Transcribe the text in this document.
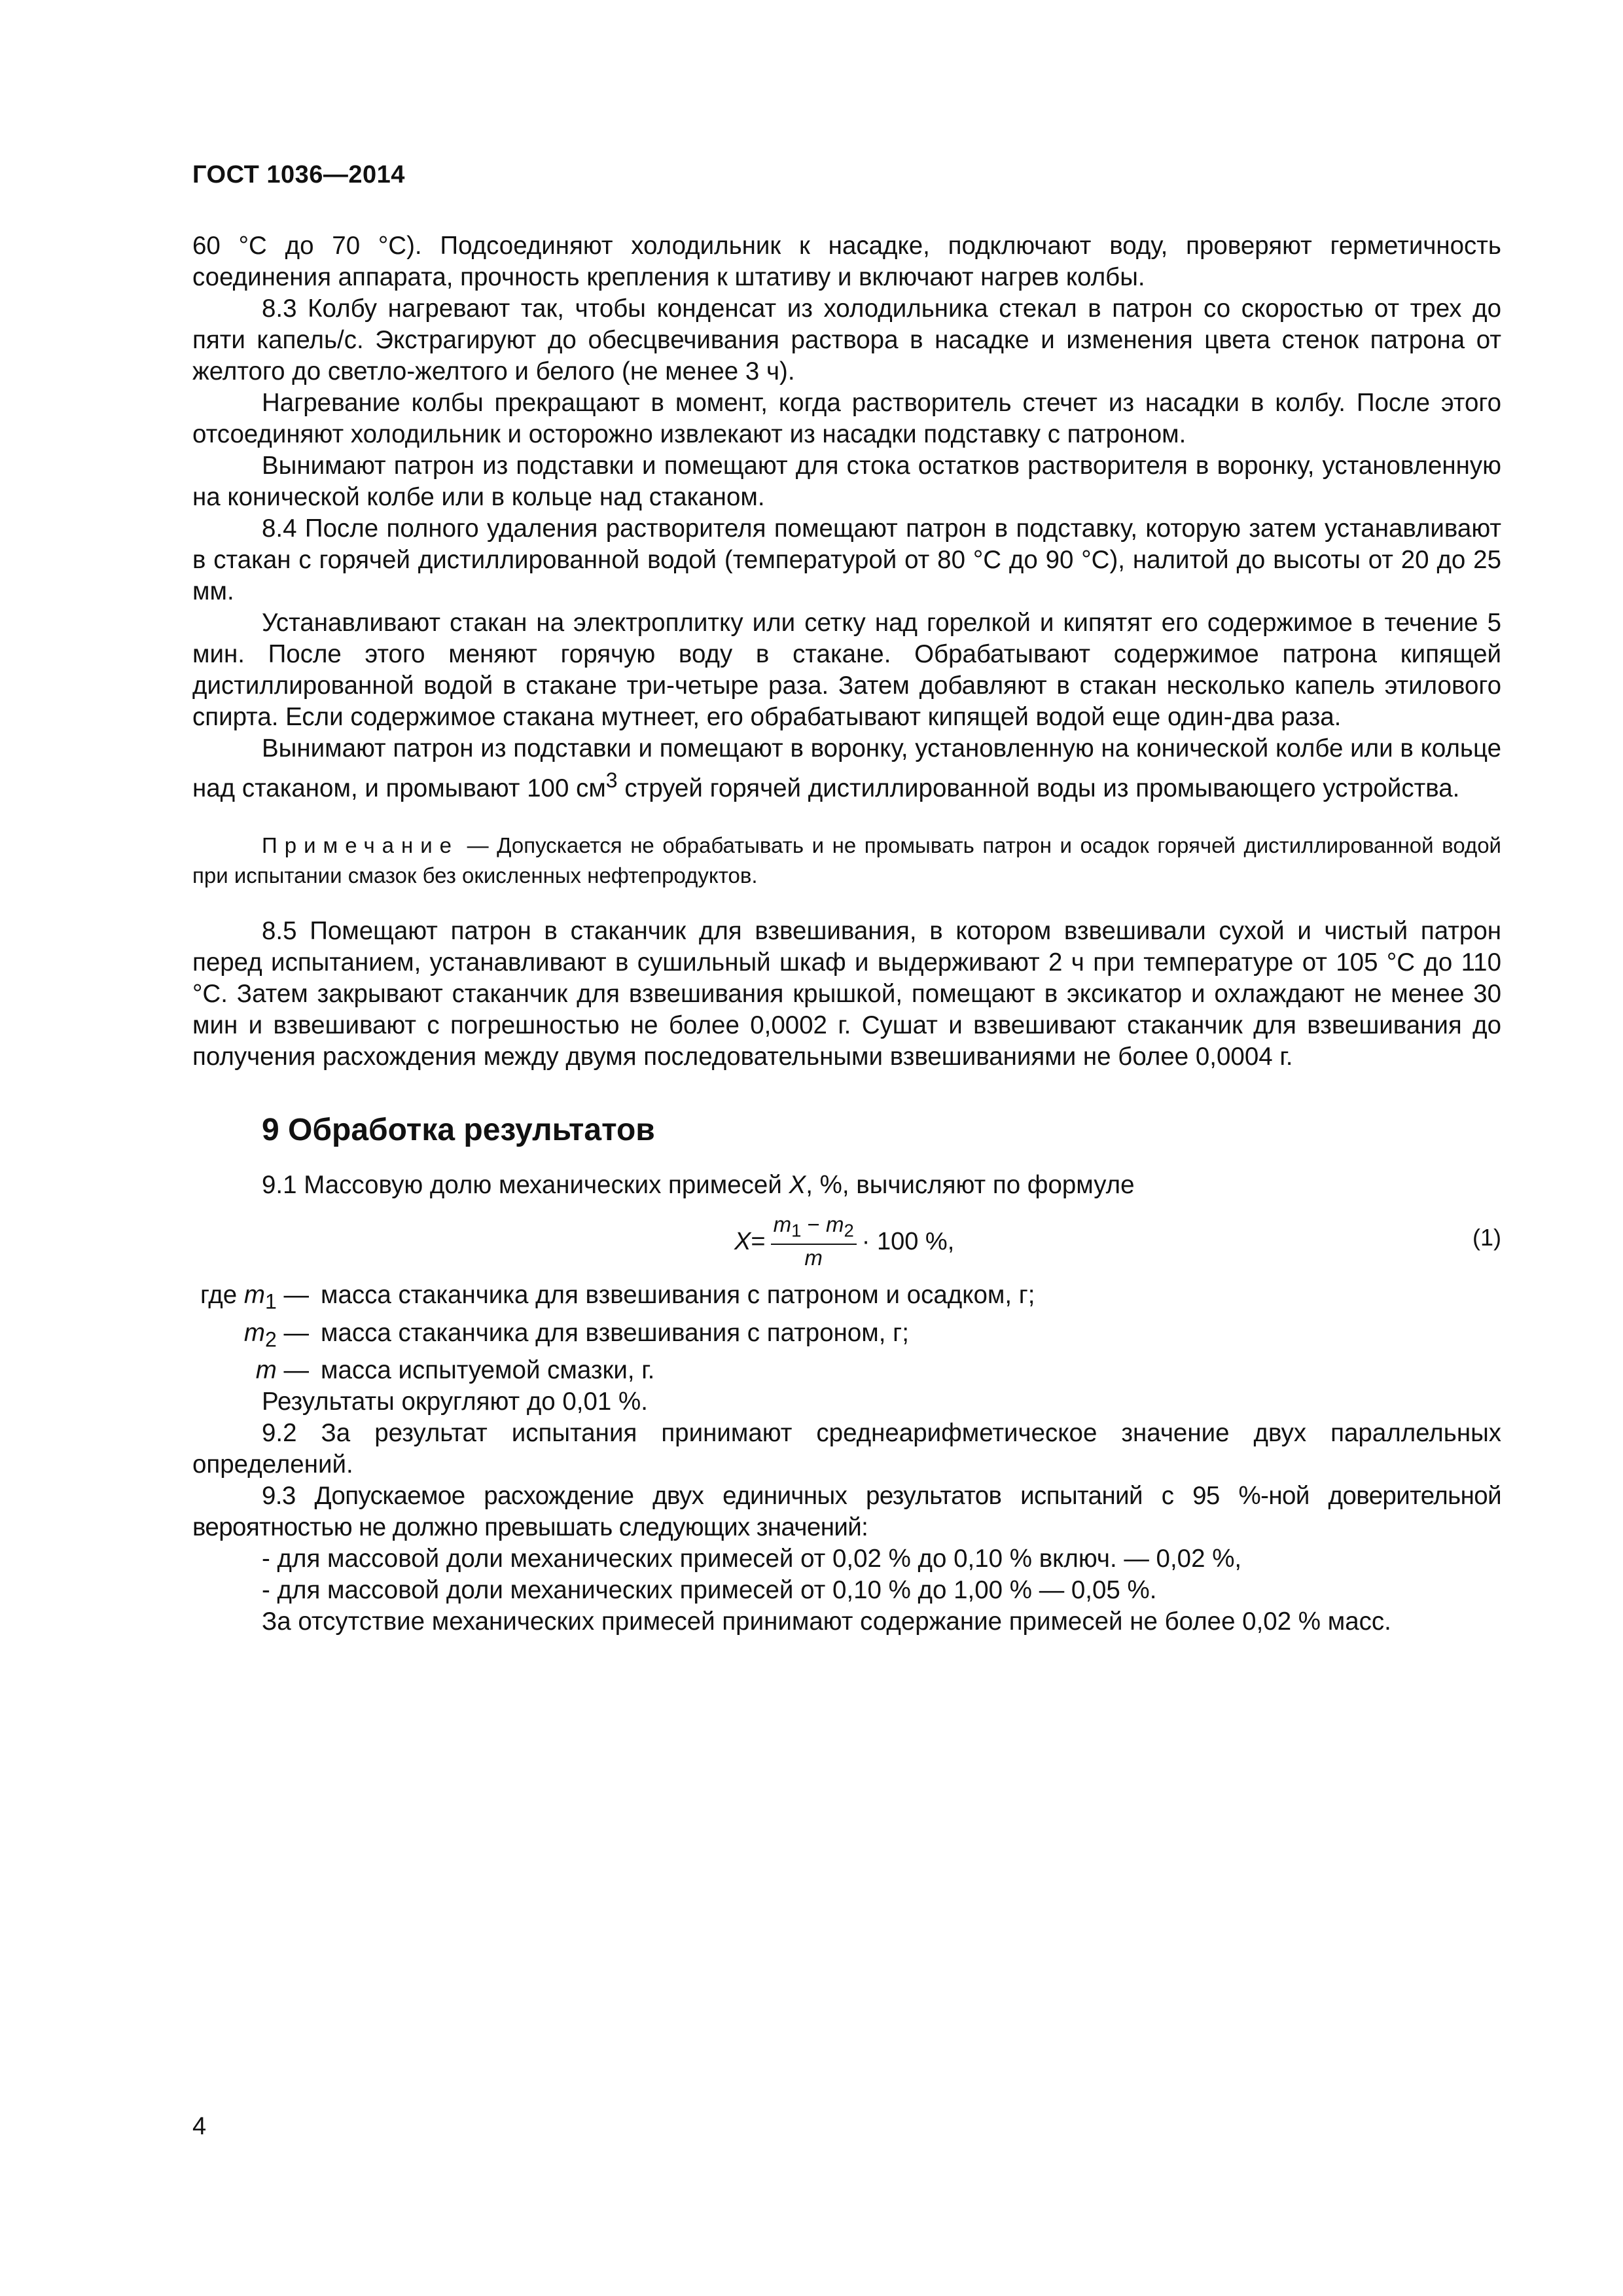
ГОСТ 1036—2014

60 °С до 70 °С). Подсоединяют холодильник к насадке, подключают воду, проверяют герметичность соединения аппарата, прочность крепления к штативу и включают нагрев колбы.

8.3 Колбу нагревают так, чтобы конденсат из холодильника стекал в патрон со скоростью от трех до пяти капель/с. Экстрагируют до обесцвечивания раствора в насадке и изменения цвета стенок патрона от желтого до светло-желтого и белого (не менее 3 ч).

Нагревание колбы прекращают в момент, когда растворитель стечет из насадки в колбу. После этого отсоединяют холодильник и осторожно извлекают из насадки подставку с патроном.

Вынимают патрон из подставки и помещают для стока остатков растворителя в воронку, установленную на конической колбе или в кольце над стаканом.

8.4 После полного удаления растворителя помещают патрон в подставку, которую затем устанавливают в стакан с горячей дистиллированной водой (температурой от 80 °С до 90 °С), налитой до высоты от 20 до 25 мм.

Устанавливают стакан на электроплитку или сетку над горелкой и кипятят его содержимое в течение 5 мин. После этого меняют горячую воду в стакане. Обрабатывают содержимое патрона кипящей дистиллированной водой в стакане три-четыре раза. Затем добавляют в стакан несколько капель этилового спирта. Если содержимое стакана мутнеет, его обрабатывают кипящей водой еще один-два раза.

Вынимают патрон из подставки и помещают в воронку, установленную на конической колбе или в кольце над стаканом, и промывают 100 $см^3$ струей горячей дистиллированной воды из промывающего устройства.

Примечание — Допускается не обрабатывать и не промывать патрон и осадок горячей дистиллированной водой при испытании смазок без окисленных нефтепродуктов.

8.5 Помещают патрон в стаканчик для взвешивания, в котором взвешивали сухой и чистый патрон перед испытанием, устанавливают в сушильный шкаф и выдерживают 2 ч при температуре от 105 °С до 110 °С. Затем закрывают стаканчик для взвешивания крышкой, помещают в эксикатор и охлаждают не менее 30 мин и взвешивают с погрешностью не более 0,0002 г. Сушат и взвешивают стаканчик для взвешивания до получения расхождения между двумя последовательными взвешиваниями не более 0,0004 г.

9 Обработка результатов

9.1 Массовую долю механических примесей X, %, вычисляют по формуле

$X = \frac{m_1 - m_2}{m} \cdot 100$ %,	(1)
где $m_1$ — масса стаканчика для взвешивания с патроном и осадком, г;
$m_2$ — масса стаканчика для взвешивания с патроном, г;
m — масса испытуемой смазки, г.

Результаты округляют до 0,01 %.

9.2 За результат испытания принимают среднеарифметическое значение двух параллельных определений.

9.3 Допускаемое расхождение двух единичных результатов испытаний с 95 %-ной доверительной вероятностью не должно превышать следующих значений:

- для массовой доли механических примесей от 0,02 % до 0,10 % включ. — 0,02 %,

- для массовой доли механических примесей от 0,10 % до 1,00 % — 0,05 %.

За отсутствие механических примесей принимают содержание примесей не более 0,02 % масс.

4
